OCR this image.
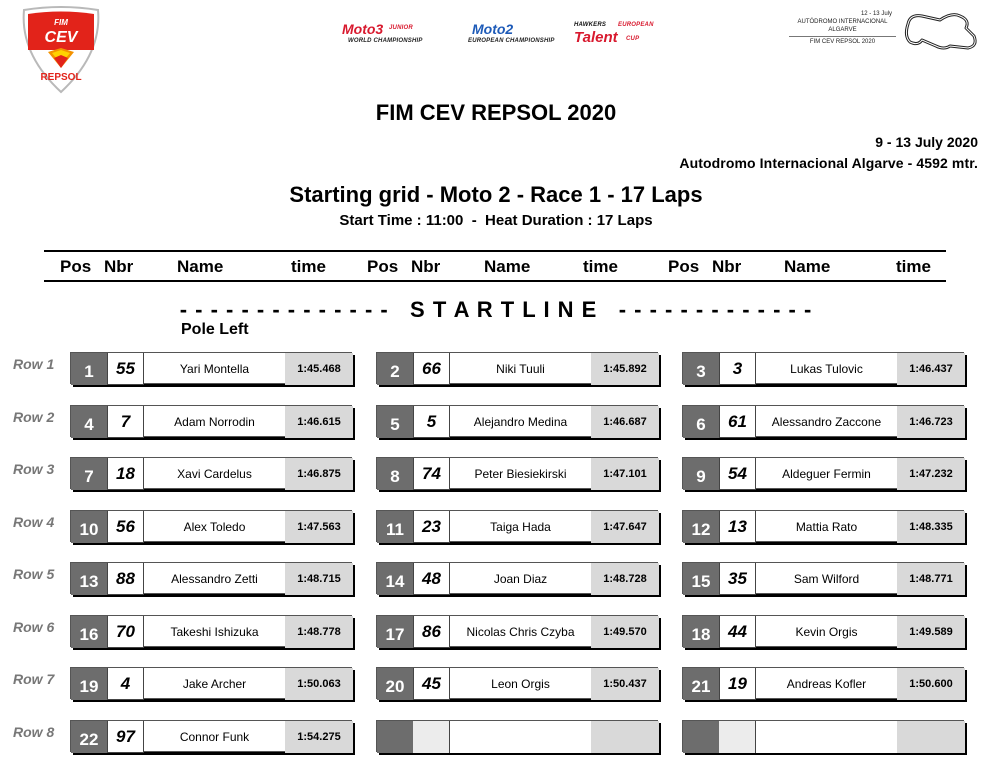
FIM
CEV
REPSOL
Moto3 JUNIOR
WORLD CHAMPIONSHIP
Moto2
EUROPEAN CHAMPIONSHIP
HAWKERS EUROPEAN
Talent CUP
12 - 13 July
AUTÓDROMO INTERNACIONAL ALGARVE
FIM CEV REPSOL 2020
FIM CEV REPSOL 2020
9 - 13 July 2020
Autodromo Internacional Algarve - 4592 mtr.
Starting grid - Moto 2 - Race 1 - 17 Laps
Start Time : 11:00  -  Heat Duration : 17 Laps
Pos Nbr	Name	time Pos Nbr	Name	time	Pos Nbr	Name	time
- - - - - - - - - - - - - -   S T A R T L I N E   - - - - - - - - - - - - -
Pole Left
Row 1	1	55	Yari Montella	1:45.468	2	66	Niki Tuuli	1:45.892	3	3	Lukas Tulovic	1:46.437
Row 2	4	7	Adam Norrodin	1:46.615	5	5	Alejandro Medina	1:46.687	6	61	Alessandro Zaccone	1:46.723
Row 3	7	18	Xavi Cardelus	1:46.875	8	74	Peter Biesiekirski	1:47.101	9	54	Aldeguer Fermin	1:47.232
Row 4	10	56	Alex Toledo	1:47.563	11	23	Taiga Hada	1:47.647	12	13	Mattia Rato	1:48.335
Row 5	13	88	Alessandro Zetti	1:48.715	14	48	Joan Diaz	1:48.728	15	35	Sam Wilford	1:48.771
Row 6	16	70	Takeshi Ishizuka	1:48.778	17	86	Nicolas Chris Czyba	1:49.570	18	44	Kevin Orgis	1:49.589
Row 7	19	4	Jake Archer	1:50.063	20	45	Leon Orgis	1:50.437	21	19	Andreas Kofler	1:50.600
Row 8	22	97	Connor Funk	1:54.275
